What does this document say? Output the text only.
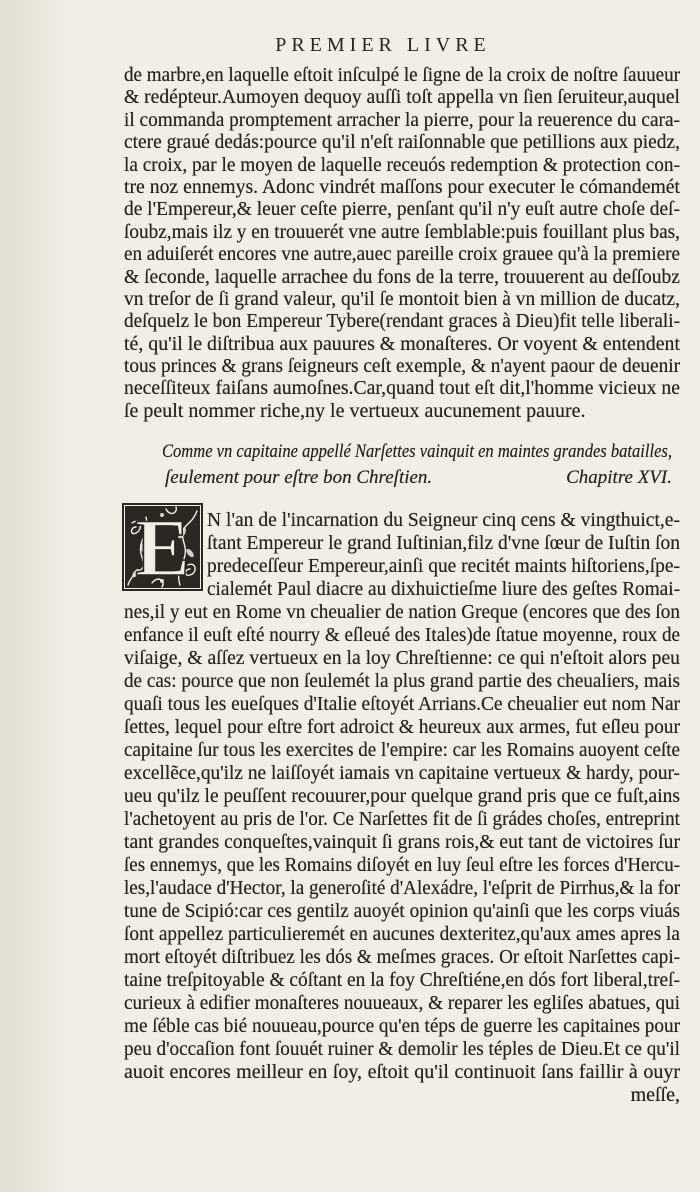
PREMIER LIVRE
de marbre,en laquelle eſtoit inſculpé le ſigne de la croix de noſtre ſauueur
& redépteur.Aumoyen dequoy auſſi toſt appella vn ſien ſeruiteur,auquel
il commanda promptement arracher la pierre, pour la reuerence du cara-
ctere graué dedás:pource qu'il n'eſt raiſonnable que petillions aux piedz,
la croix, par le moyen de laquelle receuós redemption & protection con-
tre noz ennemys. Adonc vindrét maſſons pour executer le cómandemét
de l'Empereur,& leuer ceſte pierre, penſant qu'il n'y euſt autre choſe deſ-
ſoubz,mais ilz y en trouuerét vne autre ſemblable:puis fouillant plus bas,
en aduiſerét encores vne autre,auec pareille croix grauee qu'à la premiere
& ſeconde, laquelle arrachee du fons de la terre, trouuerent au deſſoubz
vn treſor de ſi grand valeur, qu'il ſe montoit bien à vn million de ducatz,
deſquelz le bon Empereur Tybere(rendant graces à Dieu)fit telle liberali-
té, qu'il le diſtribua aux pauures & monaſteres. Or voyent & entendent
tous princes & grans ſeigneurs ceſt exemple, & n'ayent paour de deuenir
neceſſiteux faiſans aumoſnes.Car,quand tout eſt dit,l'homme vicieux ne
ſe peult nommer riche,ny le vertueux aucunement pauure.
Comme vn capitaine appellé Narſettes vainquit en maintes grandes batailles,
ſeulement pour eſtre bon Chreſtien.	Chapitre XVI.
E N l'an de l'incarnation du Seigneur cinq cens & vingthuict,e-
ſtant Empereur le grand Iuſtinian,filz d'vne ſœur de Iuſtin ſon
predeceſſeur Empereur,ainſi que recitét maints hiſtoriens,ſpe-
cialemét Paul diacre au dixhuictieſme liure des geſtes Romai-
nes,il y eut en Rome vn cheualier de nation Greque (encores que des ſon
enfance il euſt eſté nourry & eſleué des Itales)de ſtatue moyenne, roux de
viſaige, & aſſez vertueux en la loy Chreſtienne: ce qui n'eſtoit alors peu
de cas: pource que non ſeulemét la plus grand partie des cheualiers, mais
quaſi tous les eueſques d'Italie eſtoyét Arrians.Ce cheualier eut nom Nar
ſettes, lequel pour eſtre fort adroict & heureux aux armes, fut eſleu pour
capitaine ſur tous les exercites de l'empire: car les Romains auoyent ceſte
excellẽce,qu'ilz ne laiſſoyét iamais vn capitaine vertueux & hardy, pour-
ueu qu'ilz le peuſſent recouurer,pour quelque grand pris que ce fuſt,ains
l'achetoyent au pris de l'or. Ce Narſettes fit de ſi grádes choſes, entreprint
tant grandes conqueſtes,vainquit ſi grans rois,& eut tant de victoires ſur
ſes ennemys, que les Romains diſoyét en luy ſeul eſtre les forces d'Hercu-
les,l'audace d'Hector, la generoſité d'Alexádre, l'eſprit de Pirrhus,& la for
tune de Scipió:car ces gentilz auoyét opinion qu'ainſi que les corps viuás
ſont appellez particulieremét en aucunes dexteritez,qu'aux ames apres la
mort eſtoyét diſtribuez les dós & meſmes graces. Or eſtoit Narſettes capi-
taine treſpitoyable & cóſtant en la foy Chreſtiéne,en dós fort liberal,treſ-
curieux à edifier monaſteres nouueaux, & reparer les egliſes abatues, qui
me ſéble cas bié nouueau,pource qu'en téps de guerre les capitaines pour
peu d'occaſion font ſouuét ruiner & demolir les téples de Dieu.Et ce qu'il
auoit encores meilleur en ſoy, eſtoit qu'il continuoit ſans faillir à ouyr
meſſe,
